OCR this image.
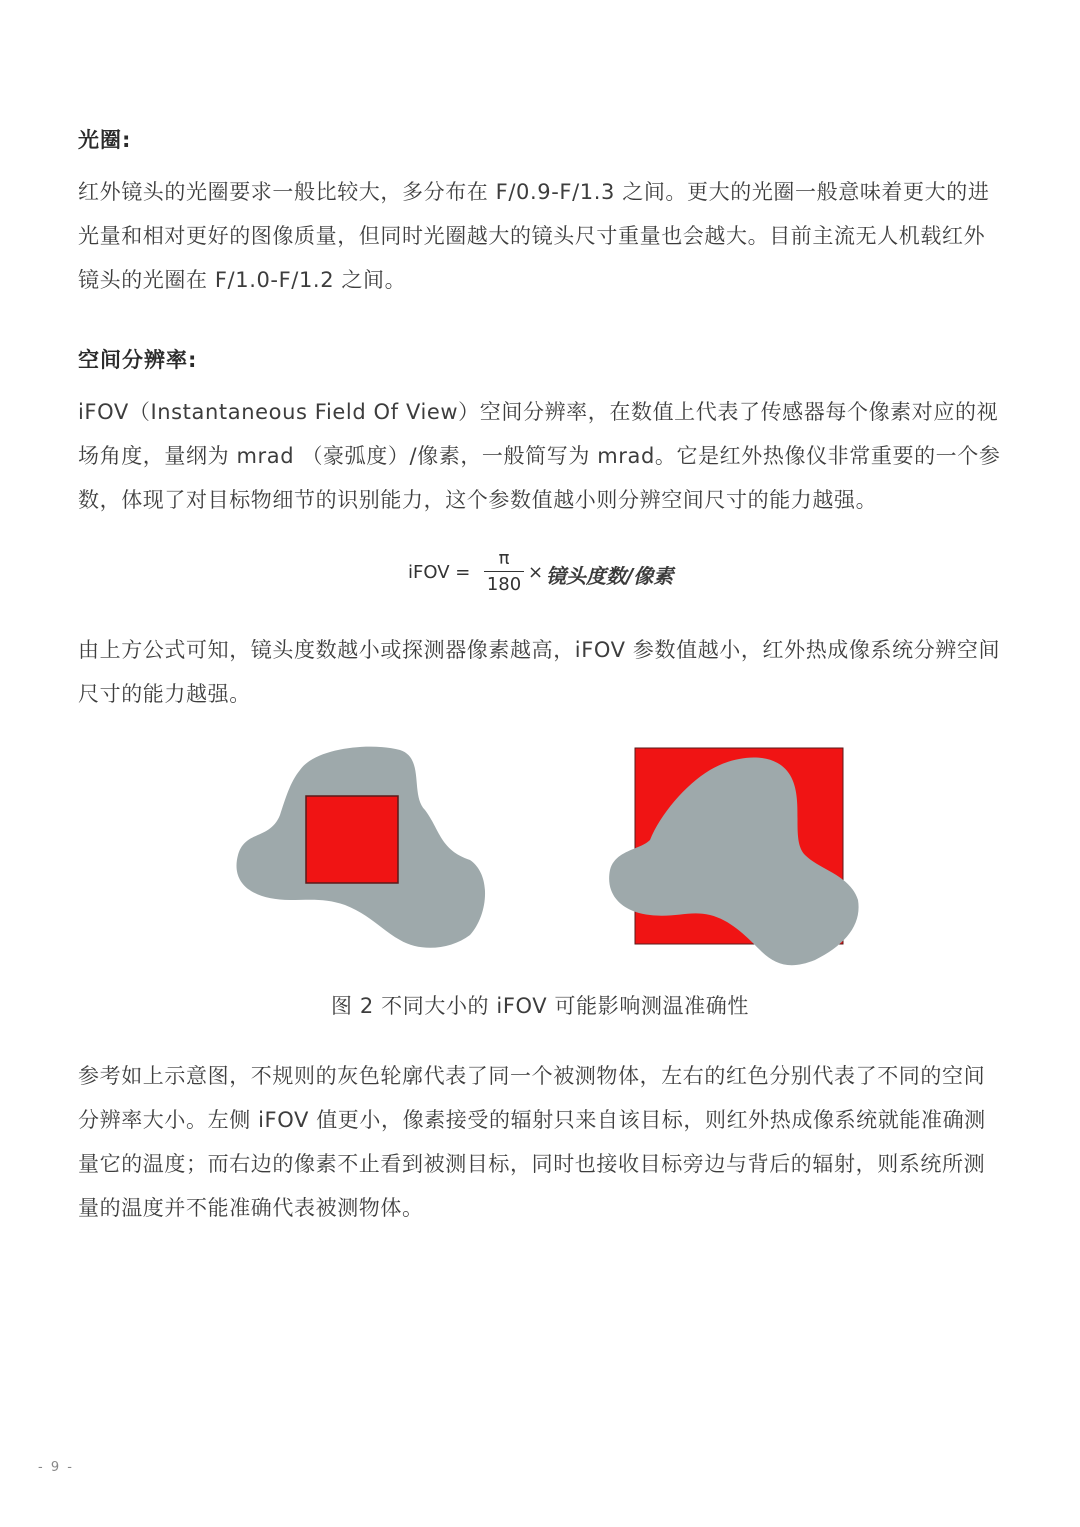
光圈:
红外镜头的光圈要求一般比较大，多分布在 F/0.9-F/1.3 之间。更大的光圈一般意味着更大的进光量和相对更好的图像质量，但同时光圈越大的镜头尺寸重量也会越大。目前主流无人机载红外镜头的光圈在 F/1.0-F/1.2 之间。
空间分辨率:
iFOV（Instantaneous Field Of View）空间分辨率，在数值上代表了传感器每个像素对应的视场角度，量纲为 mrad （豪弧度）/像素，一般简写为 mrad。它是红外热像仪非常重要的一个参数，体现了对目标物细节的识别能力，这个参数值越小则分辨空间尺寸的能力越强。
iFOV =
π
180
× 镜头度数/像素
由上方公式可知，镜头度数越小或探测器像素越高，iFOV 参数值越小，红外热成像系统分辨空间尺寸的能力越强。
图 2 不同大小的 iFOV 可能影响测温准确性
参考如上示意图，不规则的灰色轮廓代表了同一个被测物体，左右的红色分别代表了不同的空间分辨率大小。左侧 iFOV 值更小，像素接受的辐射只来自该目标，则红外热成像系统就能准确测量它的温度；而右边的像素不止看到被测目标，同时也接收目标旁边与背后的辐射，则系统所测量的温度并不能准确代表被测物体。
- 9 -
